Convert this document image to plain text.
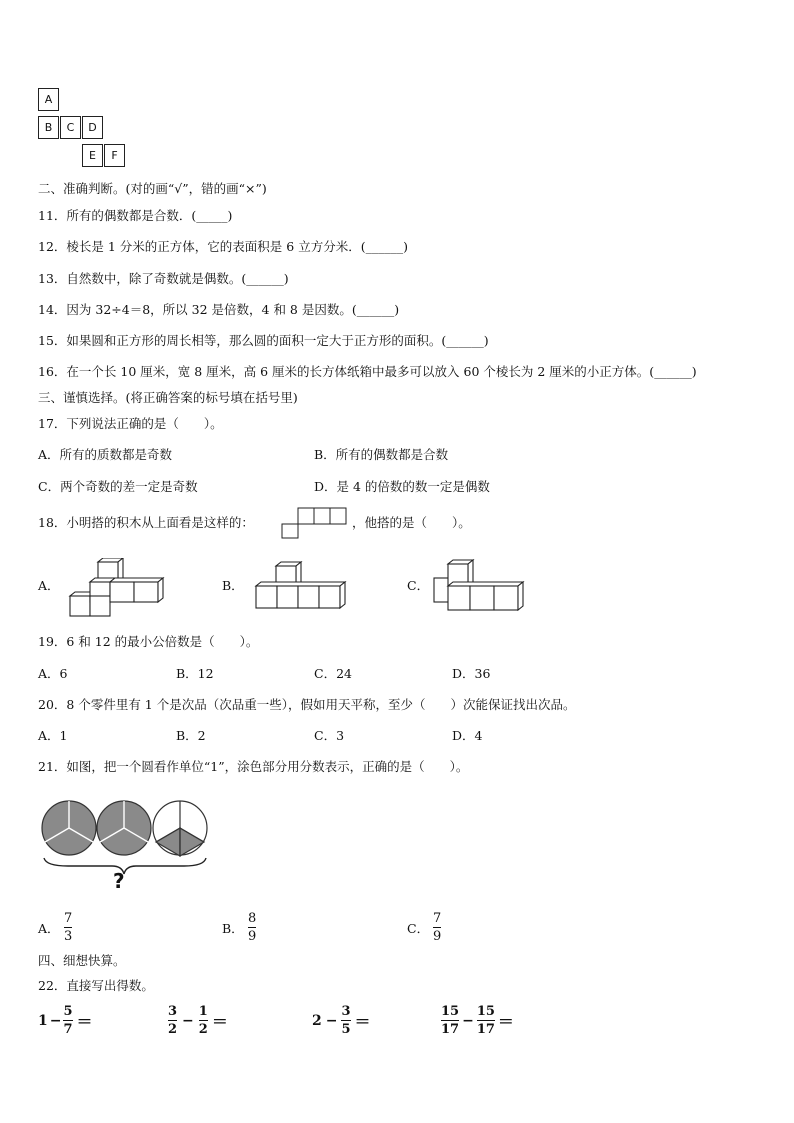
A
B	C	D
E	F
二、准确判断。(对的画“√”，错的画“×”)
11．所有的偶数都是合数．(_____)
12．棱长是 1 分米的正方体，它的表面积是 6 立方分米．(______)
13．自然数中，除了奇数就是偶数。(______)
14．因为 32÷4＝8，所以 32 是倍数，4 和 8 是因数。(______)
15．如果圆和正方形的周长相等，那么圆的面积一定大于正方形的面积。(______)
16．在一个长 10 厘米，宽 8 厘米，高 6 厘米的长方体纸箱中最多可以放入 60 个棱长为 2 厘米的小正方体。(______)
三、谨慎选择。(将正确答案的标号填在括号里)
17．下列说法正确的是（　　）。
A．所有的质数都是奇数	B．所有的偶数都是合数
C．两个奇数的差一定是奇数	D．是 4 的倍数的数一定是偶数
18．小明搭的积木从上面看是这样的：	，他搭的是（　　）。
A．	B．	C．
19．6 和 12 的最小公倍数是（　　）。
A．6	B．12	C．24	D．36
20．8 个零件里有 1 个是次品（次品重一些），假如用天平称，至少（　　）次能保证找出次品。
A．1	B．2	C．3	D．4
21．如图，把一个圆看作单位“1”，涂色部分用分数表示，正确的是（　　）。
?
A．
7
3
B．
8
9
C．
7
9
四、细想快算。
22．直接写出得数。
$1 - \frac{5}{7}$ ＝	$\frac{3}{2} - \frac{1}{2}$ ＝	$2 - \frac{3}{5}$ ＝	$\frac{15}{17} - \frac{15}{17}$ ＝
